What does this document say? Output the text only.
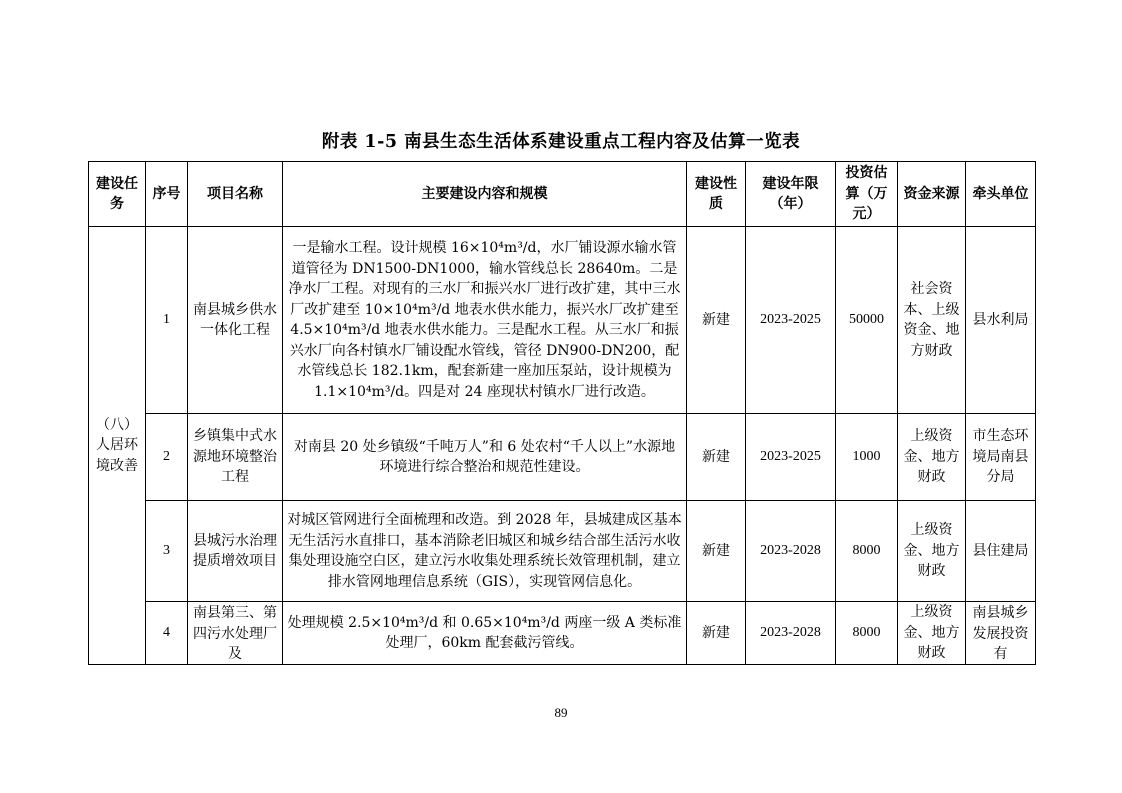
附表 1-5 南县生态生活体系建设重点工程内容及估算一览表
建设任务	序号	项目名称	主要建设内容和规模	建设性质	建设年限（年）	投资估算（万元）	资金来源	牵头单位
（八）人居环境改善	1	南县城乡供水一体化工程	一是输水工程。设计规模 16×10⁴m³/d，水厂铺设源水输水管道管径为 DN1500-DN1000，输水管线总长 28640m。二是净水厂工程。对现有的三水厂和振兴水厂进行改扩建，其中三水厂改扩建至 10×10⁴m³/d 地表水供水能力，振兴水厂改扩建至 4.5×10⁴m³/d 地表水供水能力。三是配水工程。从三水厂和振兴水厂向各村镇水厂铺设配水管线，管径 DN900-DN200，配水管线总长 182.1km，配套新建一座加压泵站，设计规模为 1.1×10⁴m³/d。四是对 24 座现状村镇水厂进行改造。	新建	2023-2025	50000	社会资本、上级资金、地方财政	县水利局
	2	乡镇集中式水源地环境整治工程	对南县 20 处乡镇级“千吨万人”和 6 处农村“千人以上”水源地环境进行综合整治和规范性建设。	新建	2023-2025	1000	上级资金、地方财政	市生态环境局南县分局
	3	县城污水治理提质增效项目	对城区管网进行全面梳理和改造。到 2028 年，县城建成区基本无生活污水直排口，基本消除老旧城区和城乡结合部生活污水收集处理设施空白区，建立污水收集处理系统长效管理机制，建立排水管网地理信息系统（GIS），实现管网信息化。	新建	2023-2028	8000	上级资金、地方财政	县住建局
	4	南县第三、第四污水处理厂及	处理规模 2.5×10⁴m³/d 和 0.65×10⁴m³/d 两座一级 A 类标准处理厂，60km 配套截污管线。	新建	2023-2028	8000	上级资金、地方财政	南县城乡发展投资有
89
